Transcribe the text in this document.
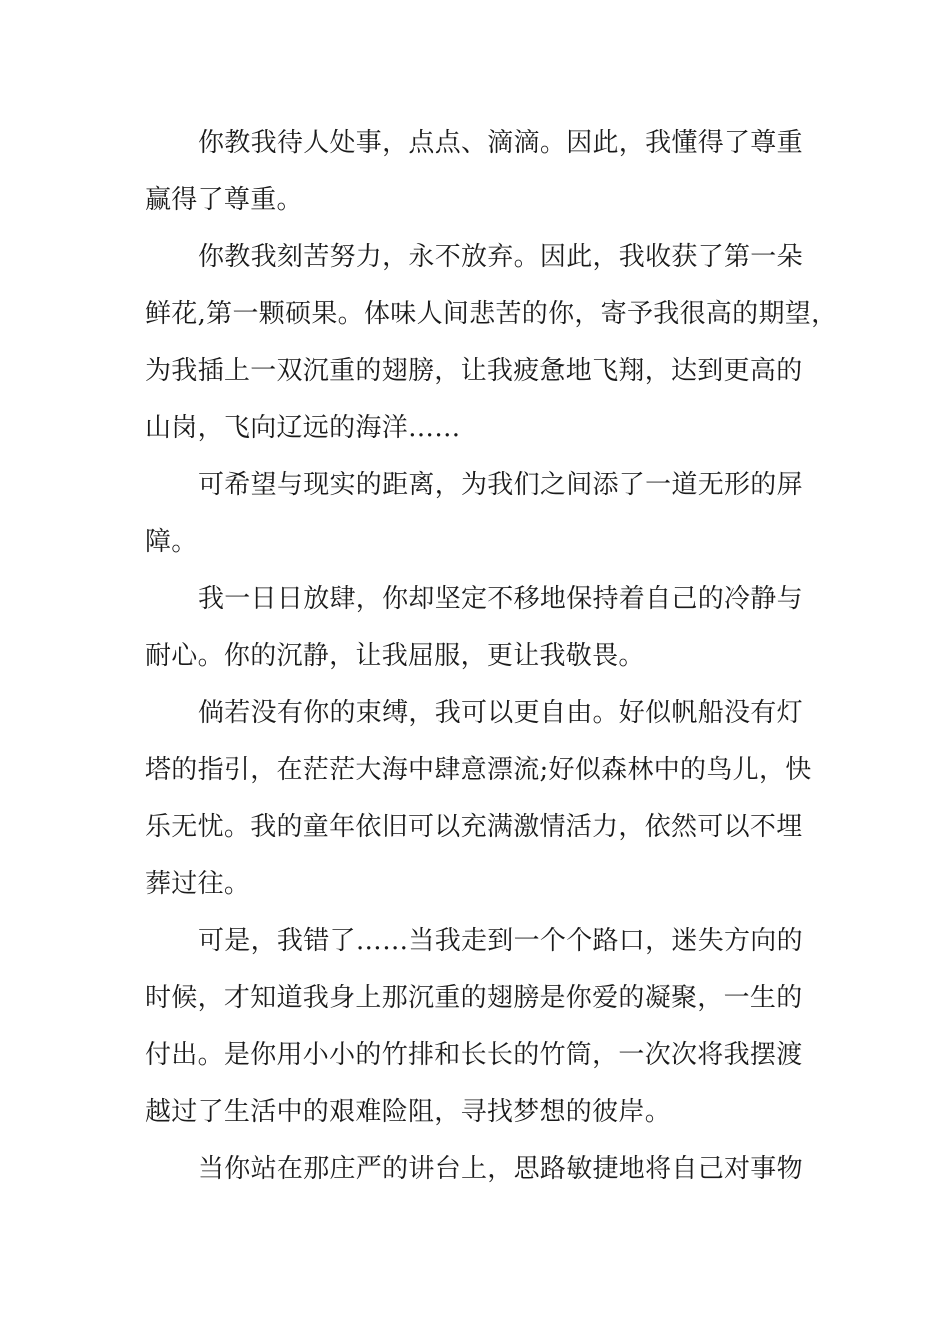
你教我待人处事，点点、滴滴。因此，我懂得了尊重

赢得了尊重。

你教我刻苦努力，永不放弃。因此，我收获了第一朵

鲜花,第一颗硕果。体味人间悲苦的你，寄予我很高的期望，

为我插上一双沉重的翅膀，让我疲惫地飞翔，达到更高的

山岗，飞向辽远的海洋……

可希望与现实的距离，为我们之间添了一道无形的屏

障。

我一日日放肆，你却坚定不移地保持着自己的冷静与

耐心。你的沉静，让我屈服，更让我敬畏。

倘若没有你的束缚，我可以更自由。好似帆船没有灯

塔的指引，在茫茫大海中肆意漂流;好似森林中的鸟儿，快

乐无忧。我的童年依旧可以充满激情活力，依然可以不埋

葬过往。

可是，我错了……当我走到一个个路口，迷失方向的

时候，才知道我身上那沉重的翅膀是你爱的凝聚，一生的

付出。是你用小小的竹排和长长的竹筒，一次次将我摆渡

越过了生活中的艰难险阻，寻找梦想的彼岸。

当你站在那庄严的讲台上，思路敏捷地将自己对事物
